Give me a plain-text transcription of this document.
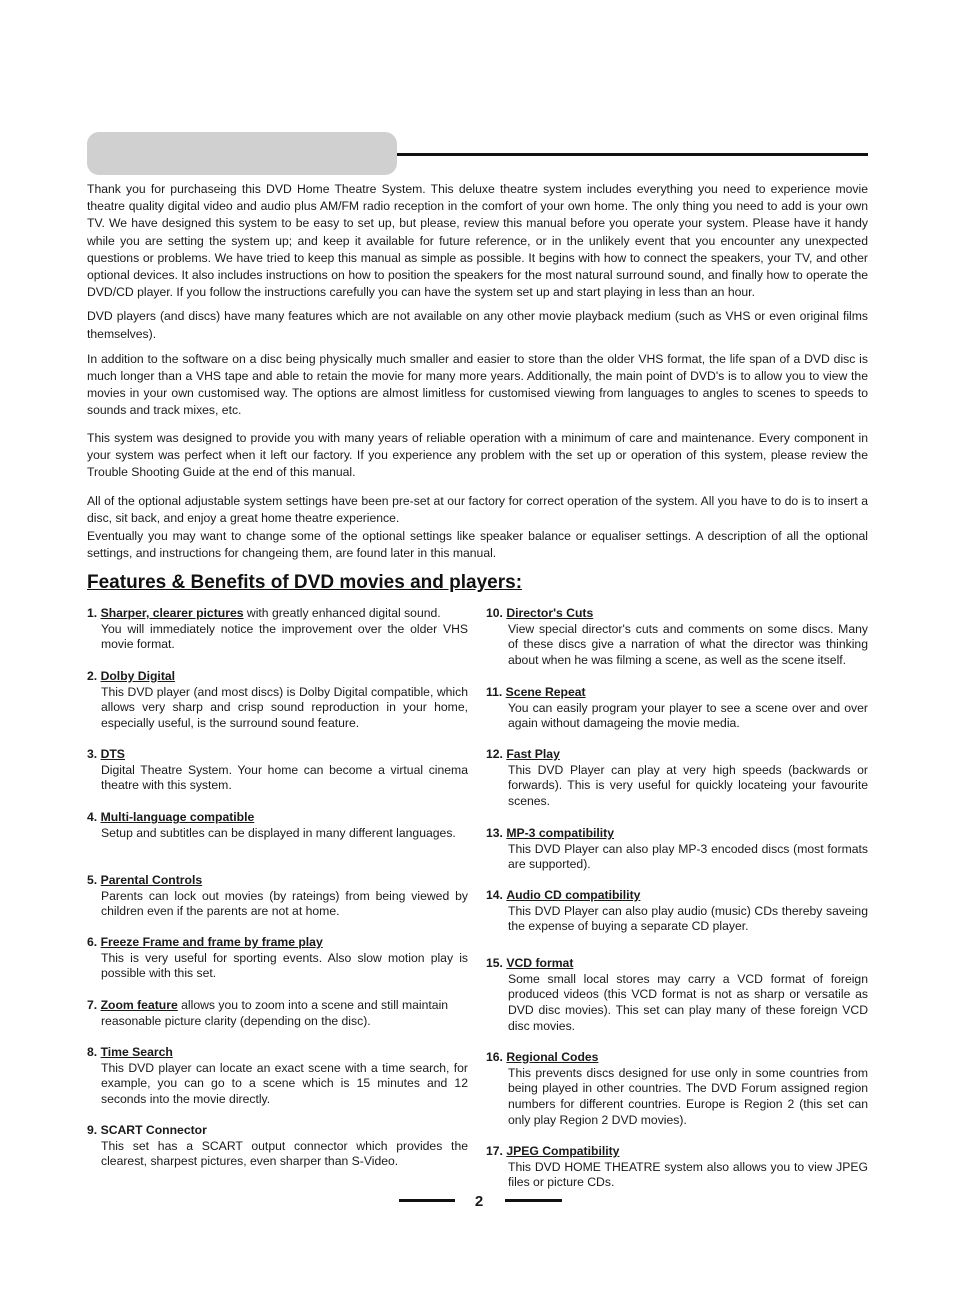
Thank you for purchaseing this DVD Home Theatre System. This deluxe theatre system includes everything you need to experience movie theatre quality digital video and audio plus AM/FM radio reception in the comfort of your own home. The only thing you need to add is your own TV. We have designed this system to be easy to set up, but please, review this manual before you operate your system. Please have it handy while you are setting the system up; and keep it available for future reference, or in the unlikely event that you encounter any unexpected questions or problems. We have tried to keep this manual as simple as possible. It begins with how to connect the speakers, your TV, and other optional devices. It also includes instructions on how to position the speakers for the most natural surround sound, and finally how to operate the DVD/CD player. If you follow the instructions carefully you can have the system set up and start playing in less than an hour.

DVD players (and discs) have many features which are not available on any other movie playback medium (such as VHS or even original films themselves).

In addition to the software on a disc being physically much smaller and easier to store than the older VHS format, the life span of a DVD disc is much longer than a VHS tape and able to retain the movie for many more years. Additionally, the main point of DVD's is to allow you to view the movies in your own customised way. The options are almost limitless for customised viewing from languages to angles to scenes to speeds to sounds and track mixes, etc.

This system was designed to provide you with many years of reliable operation with a minimum of care and maintenance. Every component in your system was perfect when it left our factory. If you experience any problem with the set up or operation of this system, please review the Trouble Shooting Guide at the end of this manual.

All of the optional adjustable system settings have been pre-set at our factory for correct operation of the system. All you have to do is to insert a disc, sit back, and enjoy a great home theatre experience.

Eventually you may want to change some of the optional settings like speaker balance or equaliser settings. A description of all the optional settings, and instructions for changeing them, are found later in this manual.

Features & Benefits of DVD movies and players:
1. Sharper, clearer pictures with greatly enhanced digital sound.
You will immediately notice the improvement over the older VHS movie format.
2. Dolby Digital
This DVD player (and most discs) is Dolby Digital compatible, which allows very sharp and crisp sound reproduction in your home, especially useful, is the surround sound feature.
3. DTS
Digital Theatre System. Your home can become a virtual cinema theatre with this system.
4. Multi-language compatible
Setup and subtitles can be displayed in many different languages.
5. Parental Controls
Parents can lock out movies (by rateings) from being viewed by children even if the parents are not at home.
6. Freeze Frame and frame by frame play
This is very useful for sporting events. Also slow motion play is possible with this set.
7. Zoom feature allows you to zoom into a scene and still maintain
reasonable picture clarity (depending on the disc).
8. Time Search
This DVD player can locate an exact scene with a time search, for example, you can go to a scene which is 15 minutes and 12 seconds into the movie directly.
9. SCART Connector
This set has a SCART output connector which provides the clearest, sharpest pictures, even sharper than S-Video.
10. Director's Cuts
View special director's cuts and comments on some discs. Many of these discs give a narration of what the director was thinking about when he was filming a scene, as well as the scene itself.
11. Scene Repeat
You can easily program your player to see a scene over and over again without damageing the movie media.
12. Fast Play
This DVD Player can play at very high speeds (backwards or forwards). This is very useful for quickly locateing your favourite scenes.
13. MP-3 compatibility
This DVD Player can also play MP-3 encoded discs (most formats are supported).
14. Audio CD compatibility
This DVD Player can also play audio (music) CDs thereby saveing the expense of buying a separate CD player.
15. VCD format
Some small local stores may carry a VCD format of foreign produced videos (this VCD format is not as sharp or versatile as DVD disc movies). This set can play many of these foreign VCD disc movies.
16. Regional Codes
This prevents discs designed for use only in some countries from being played in other countries. The DVD Forum assigned region numbers for different countries. Europe is Region 2 (this set can only play Region 2 DVD movies).
17. JPEG Compatibility
This DVD HOME THEATRE system also allows you to view JPEG files or picture CDs.
2
